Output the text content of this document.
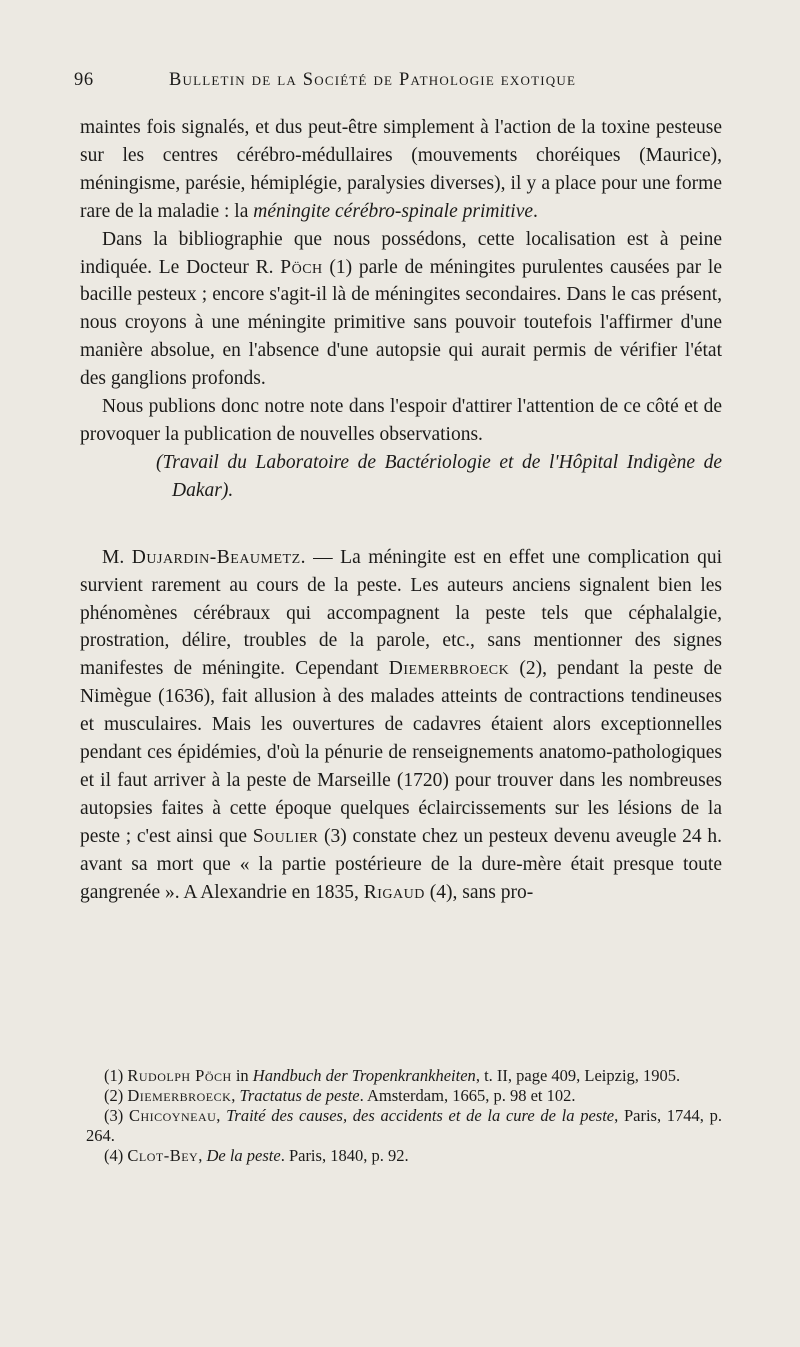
96	Bulletin de la Société de Pathologie exotique

maintes fois signalés, et dus peut-être simplement à l'action de la toxine pesteuse sur les centres cérébro-médullaires (mouvements choréiques (Maurice), méningisme, parésie, hémiplégie, paralysies diverses), il y a place pour une forme rare de la maladie : la méningite cérébro-spinale primitive.

Dans la bibliographie que nous possédons, cette localisation est à peine indiquée. Le Docteur R. Pöch (1) parle de méningites purulentes causées par le bacille pesteux ; encore s'agit-il là de méningites secondaires. Dans le cas présent, nous croyons à une méningite primitive sans pouvoir toutefois l'affirmer d'une manière absolue, en l'absence d'une autopsie qui aurait permis de vérifier l'état des ganglions profonds.

Nous publions donc notre note dans l'espoir d'attirer l'attention de ce côté et de provoquer la publication de nouvelles observations.

(Travail du Laboratoire de Bactériologie et de l'Hôpital Indigène de Dakar).

M. Dujardin-Beaumetz. — La méningite est en effet une complication qui survient rarement au cours de la peste. Les auteurs anciens signalent bien les phénomènes cérébraux qui accompagnent la peste tels que céphalalgie, prostration, délire, troubles de la parole, etc., sans mentionner des signes manifestes de méningite. Cependant Diemerbroeck (2), pendant la peste de Nimègue (1636), fait allusion à des malades atteints de contractions tendineuses et musculaires. Mais les ouvertures de cadavres étaient alors exceptionnelles pendant ces épidémies, d'où la pénurie de renseignements anatomo-pathologiques et il faut arriver à la peste de Marseille (1720) pour trouver dans les nombreuses autopsies faites à cette époque quelques éclaircissements sur les lésions de la peste ; c'est ainsi que Soulier (3) constate chez un pesteux devenu aveugle 24 h. avant sa mort que « la partie postérieure de la dure-mère était presque toute gangrenée ». A Alexandrie en 1835, Rigaud (4), sans pro-

(1) Rudolph Pöch in Handbuch der Tropenkrankheiten, t. II, page 409, Leipzig, 1905.

(2) Diemerbroeck, Tractatus de peste. Amsterdam, 1665, p. 98 et 102.

(3) Chicoyneau, Traité des causes, des accidents et de la cure de la peste, Paris, 1744, p. 264.

(4) Clot-Bey, De la peste. Paris, 1840, p. 92.
